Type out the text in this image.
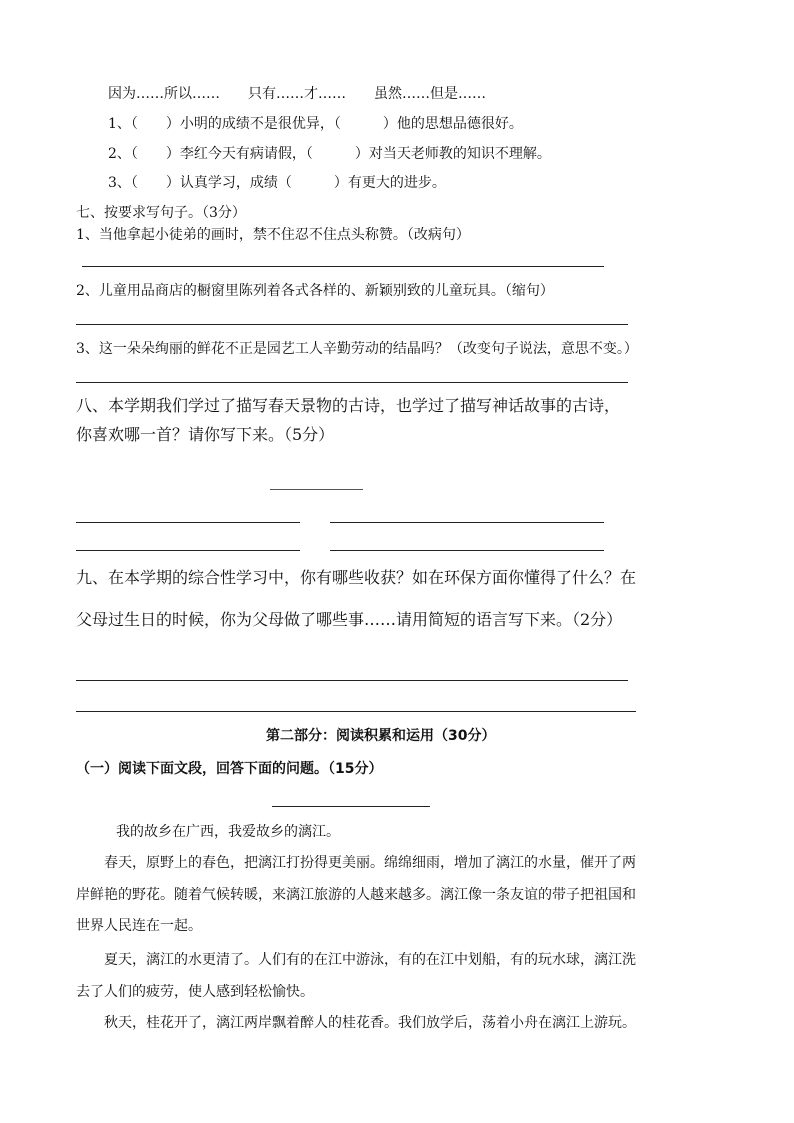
因为……所以……　　只有……才……　　虽然……但是……
1、（　　）小明的成绩不是很优异，（　　　）他的思想品德很好。
2、（　　）李红今天有病请假，（　　　）对当天老师教的知识不理解。
3、（　　）认真学习，成绩（　　　）有更大的进步。
七、按要求写句子。（3分）
1、当他拿起小徒弟的画时，禁不住忍不住点头称赞。（改病句）
2、儿童用品商店的橱窗里陈列着各式各样的、新颖别致的儿童玩具。（缩句）
3、这一朵朵绚丽的鲜花不正是园艺工人辛勤劳动的结晶吗？（改变句子说法，意思不变。）
八、本学期我们学过了描写春天景物的古诗，也学过了描写神话故事的古诗，
你喜欢哪一首？请你写下来。（5分）
九、在本学期的综合性学习中，你有哪些收获？如在环保方面你懂得了什么？在
父母过生日的时候，你为父母做了哪些事……请用简短的语言写下来。（2分）
第二部分：阅读积累和运用（30分）
（一）阅读下面文段，回答下面的问题。（15分）
我的故乡在广西，我爱故乡的漓江。
春天，原野上的春色，把漓江打扮得更美丽。绵绵细雨，增加了漓江的水量，催开了两
岸鲜艳的野花。随着气候转暖，来漓江旅游的人越来越多。漓江像一条友谊的带子把祖国和
世界人民连在一起。
夏天，漓江的水更清了。人们有的在江中游泳，有的在江中划船，有的玩水球，漓江洗
去了人们的疲劳，使人感到轻松愉快。
秋天，桂花开了，漓江两岸飘着醉人的桂花香。我们放学后，荡着小舟在漓江上游玩。
